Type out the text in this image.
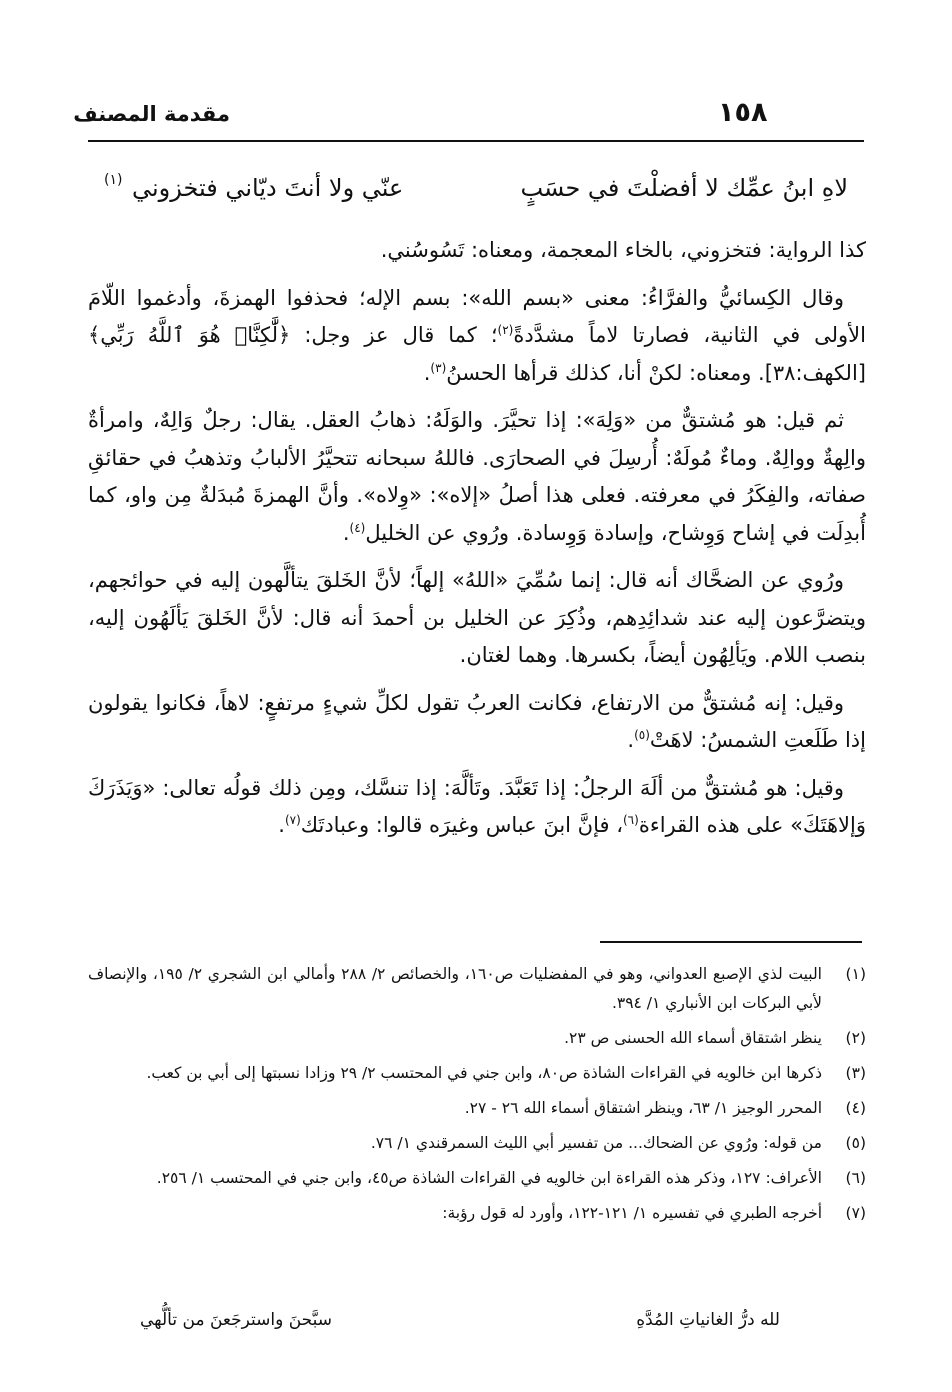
مقدمة المصنف	١٥٨
لاهِ ابنُ عمِّك لا أفضلْتَ في حسَبٍ
عنّي ولا أنتَ ديّاني فتخزوني
(١)

كذا الرواية: فتخزوني، بالخاء المعجمة، ومعناه: تَسُوسُني.

وقال الكِسائيُّ والفرَّاءُ: معنى «بسم الله»: بسم الإله؛ فحذفوا الهمزةَ، وأدغموا اللّامَ الأولى في الثانية، فصارتا لاماً مشدَّدةً$^{(٢)}$؛ كما قال عز وجل: ﴿لَّٰكِنَّا۠ هُوَ ٱللَّهُ رَبِّي﴾ [الكهف:٣٨]. ومعناه: لكنْ أنا، كذلك قرأها الحسنُ$^{(٣)}$.

ثم قيل: هو مُشتقٌّ من «وَلِهَ»: إذا تحيَّرَ. والوَلَهُ: ذهابُ العقل. يقال: رجلٌ وَالِهٌ، وامرأةٌ والِهةٌ ووالِهٌ. وماءٌ مُولَهٌ: أُرسِلَ في الصحارَى. فاللهُ سبحانه تتحيَّرُ الألبابُ وتذهبُ في حقائقِ صفاته، والفِكَرُ في معرفته. فعلى هذا أصلُ «إلاه»: «وِلاه». وأنَّ الهمزةَ مُبدَلةٌ مِن واو، كما أُبدِلَت في إشاح وَوِشاح، وإسادة وَوِسادة. ورُوي عن الخليل$^{(٤)}$.

ورُوي عن الضحَّاك أنه قال: إنما سُمِّيَ «اللهُ» إلهاً؛ لأنَّ الخَلقَ يتألَّهون إليه في حوائجهم، ويتضرَّعون إليه عند شدائِدِهم، وذُكِرَ عن الخليل بن أحمدَ أنه قال: لأنَّ الخَلقَ يَألَهُون إليه، بنصب اللام. ويَألِهُون أيضاً، بكسرها. وهما لغتان.

وقيل: إنه مُشتقٌّ من الارتفاع، فكانت العربُ تقول لكلِّ شيءٍ مرتفعٍ: لاهاً، فكانوا يقولون إذا طَلَعتِ الشمسُ: لاهَتْ$^{(٥)}$.

وقيل: هو مُشتقٌّ من ألَهَ الرجلُ: إذا تَعَبَّدَ. وتَألَّهَ: إذا تنسَّك، ومِن ذلك قولُه تعالى: «وَيَذَرَكَ وَإلاهَتَكَ» على هذه القراءة$^{(٦)}$، فإنَّ ابنَ عباس وغيرَه قالوا: وعبادتَك$^{(٧)}$.

(١)
البيت لذي الإصبع العدواني، وهو في المفضليات ص١٦٠، والخصائص ٢/ ٢٨٨ وأمالي ابن الشجري ٢/ ١٩٥، والإنصاف لأبي البركات ابن الأنباري ١/ ٣٩٤.
(٢)
ينظر اشتقاق أسماء الله الحسنى ص ٢٣.
(٣)
ذكرها ابن خالويه في القراءات الشاذة ص٨٠، وابن جني في المحتسب ٢/ ٢٩ وزادا نسبتها إلى أبي بن كعب.
(٤)
المحرر الوجيز ١/ ٦٣، وينظر اشتقاق أسماء الله ٢٦ - ٢٧.
(٥)
من قوله: ورُوي عن الضحاك... من تفسير أبي الليث السمرقندي ١/ ٧٦.
(٦)
الأعراف: ١٢٧، وذكر هذه القراءة ابن خالويه في القراءات الشاذة ص٤٥، وابن جني في المحتسب ١/ ٢٥٦.
(٧)
أخرجه الطبري في تفسيره ١/ ١٢١-١٢٢، وأورد له قول رؤبة:
لله درُّ الغانياتِ المُدَّهِ
سبَّحنَ واسترجَعنَ من تألُّهي
